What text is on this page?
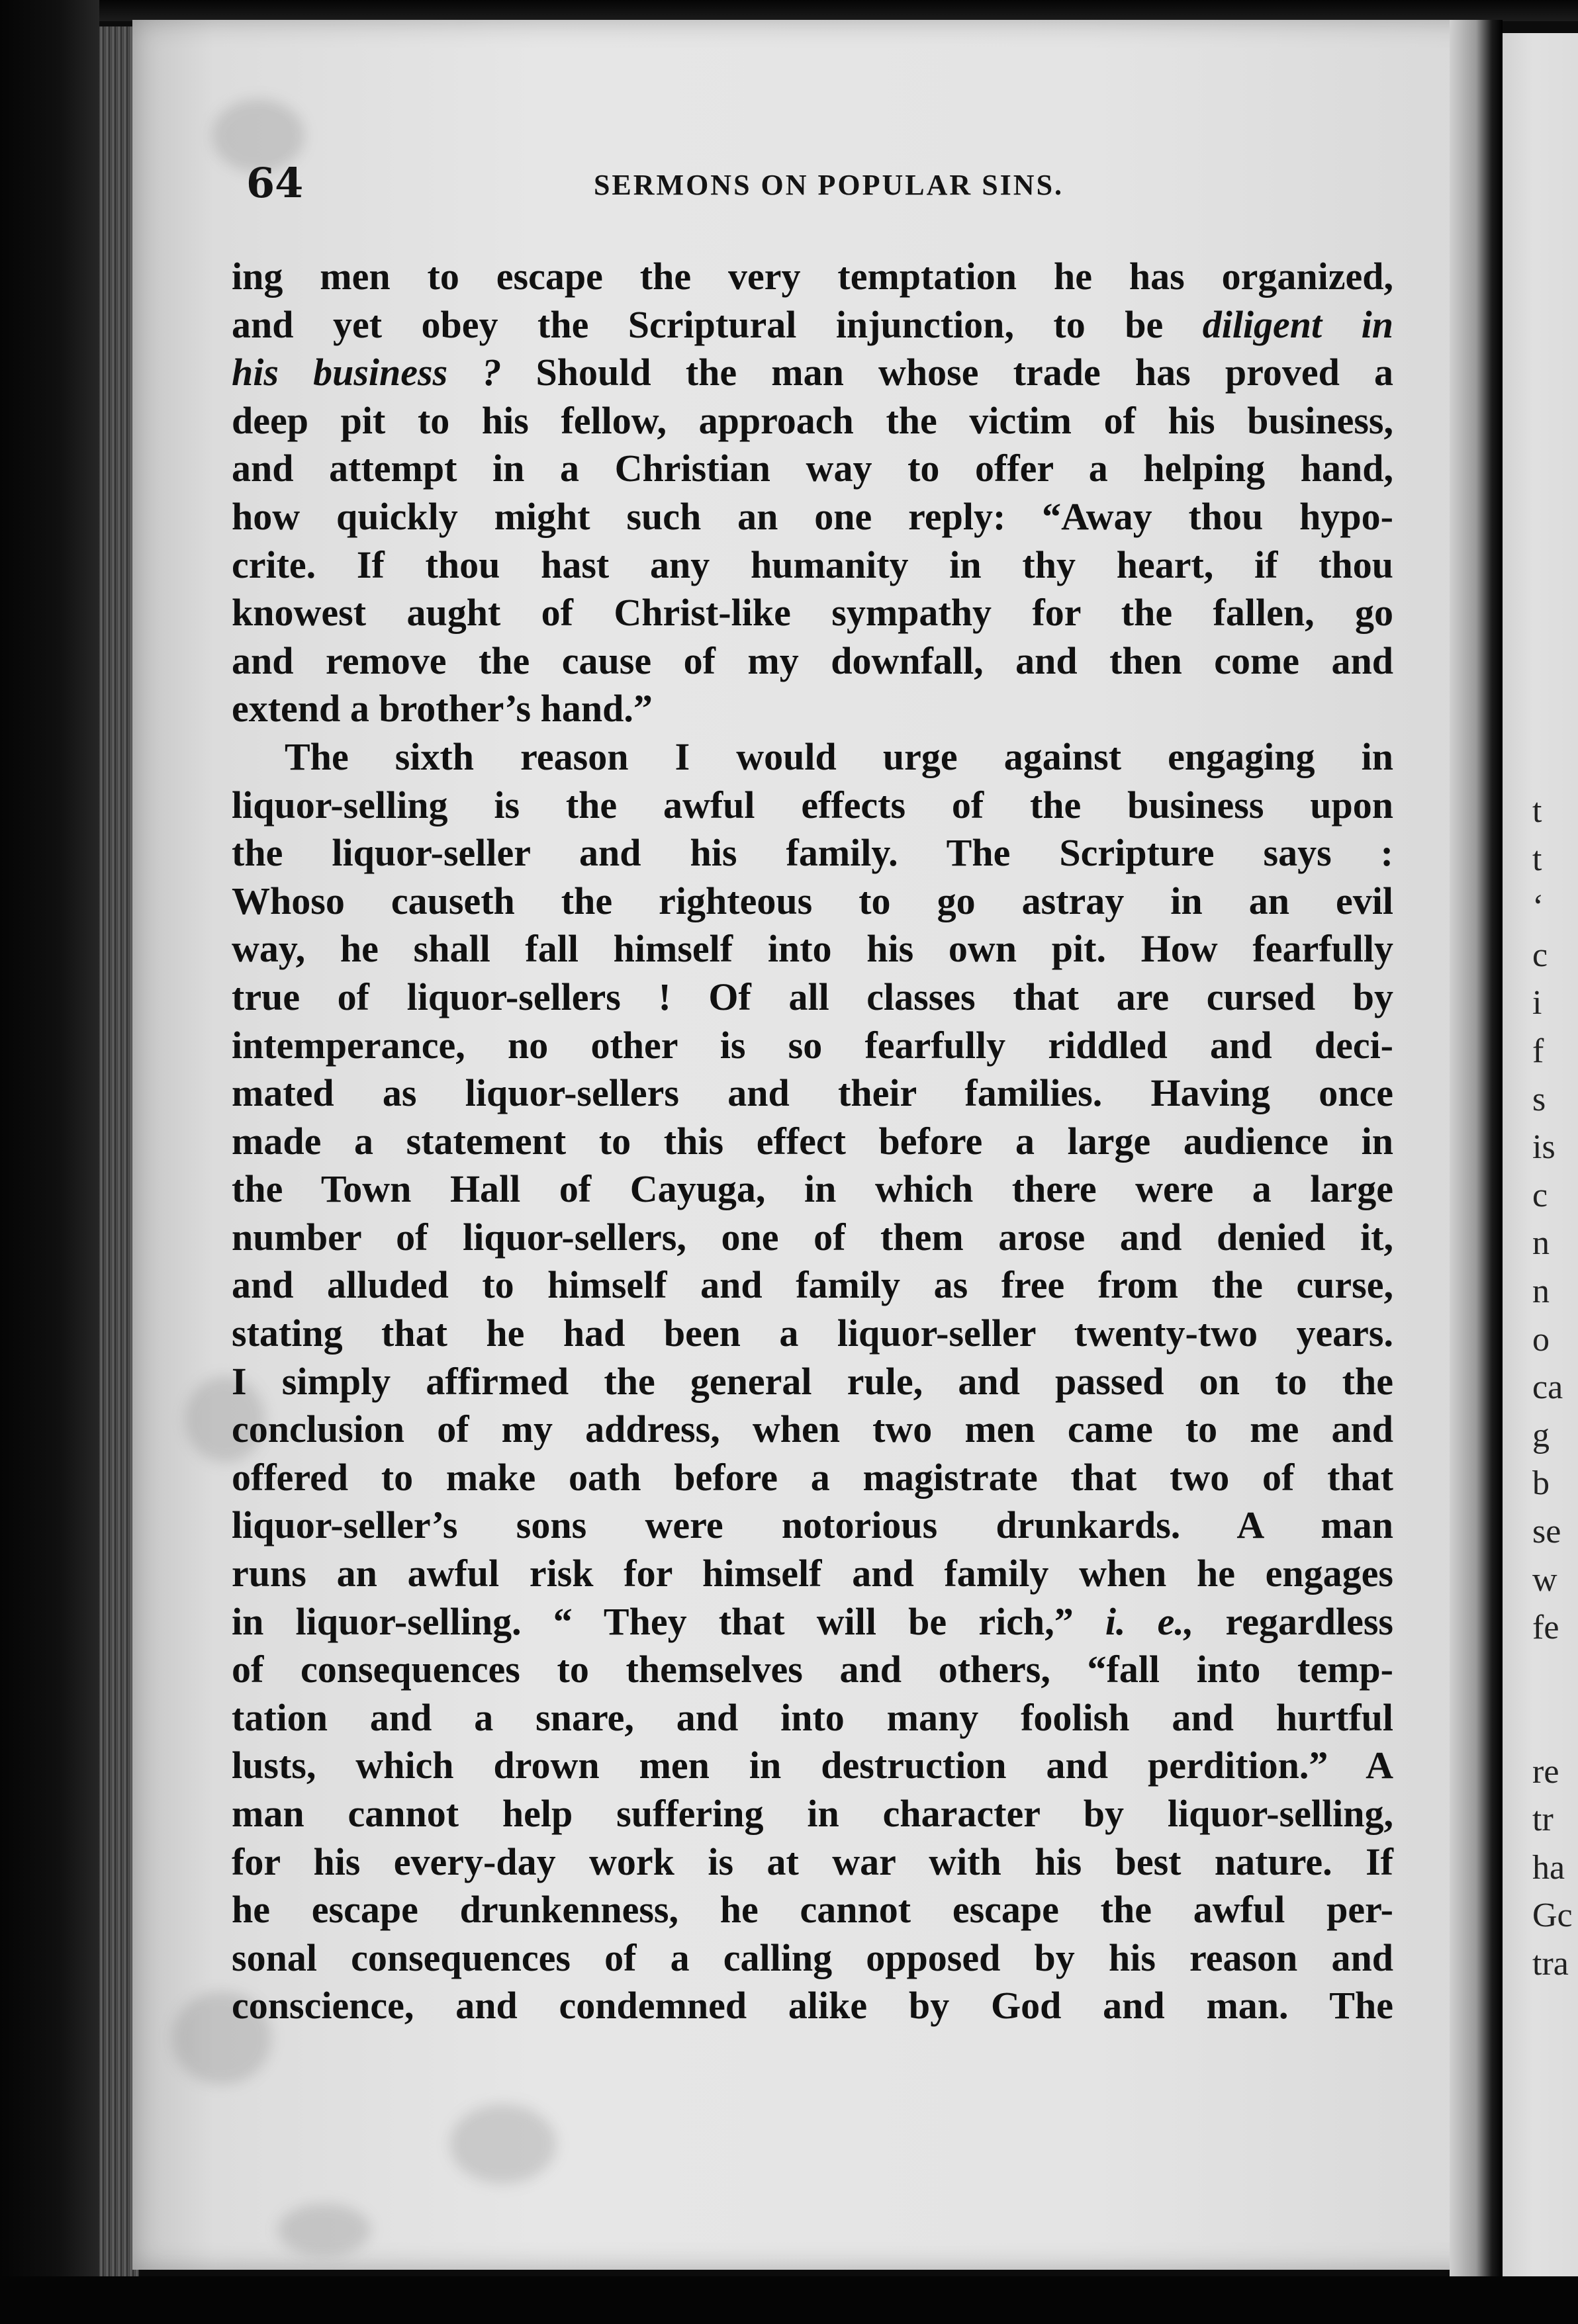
64	SERMONS ON POPULAR SINS.
ing men to escape the very temptation he has organized,
and yet obey the Scriptural injunction, to be diligent in
his business ? Should the man whose trade has proved a
deep pit to his fellow, approach the victim of his business,
and attempt in a Christian way to offer a helping hand,
how quickly might such an one reply: “Away thou hypo-
crite. If thou hast any humanity in thy heart, if thou
knowest aught of Christ-like sympathy for the fallen, go
and remove the cause of my downfall, and then come and
extend a brother’s hand.”
The sixth reason I would urge against engaging in
liquor-selling is the awful effects of the business upon
the liquor-seller and his family. The Scripture says :
Whoso causeth the righteous to go astray in an evil
way, he shall fall himself into his own pit. How fearfully
true of liquor-sellers ! Of all classes that are cursed by
intemperance, no other is so fearfully riddled and deci-
mated as liquor-sellers and their families. Having once
made a statement to this effect before a large audience in
the Town Hall of Cayuga, in which there were a large
number of liquor-sellers, one of them arose and denied it,
and alluded to himself and family as free from the curse,
stating that he had been a liquor-seller twenty-two years.
I simply affirmed the general rule, and passed on to the
conclusion of my address, when two men came to me and
offered to make oath before a magistrate that two of that
liquor-seller’s sons were notorious drunkards. A man
runs an awful risk for himself and family when he engages
in liquor-selling. “ They that will be rich,” i. e., regardless
of consequences to themselves and others, “fall into temp-
tation and a snare, and into many foolish and hurtful
lusts, which drown men in destruction and perdition.” A
man cannot help suffering in character by liquor-selling,
for his every-day work is at war with his best nature. If
he escape drunkenness, he cannot escape the awful per-
sonal consequences of a calling opposed by his reason and
conscience, and condemned alike by God and man. The
t
t
‘
c
i
f
s
is
c
n
n
o
ca
g
b
se
w
fe
re
tr
ha
Gc
tra
